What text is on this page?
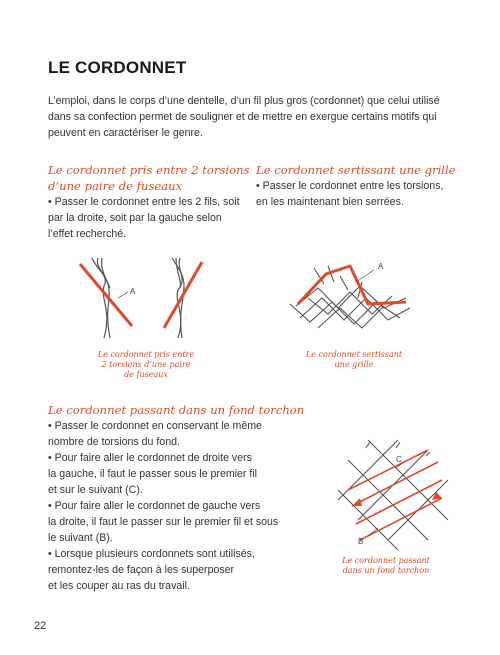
LE CORDONNET

L’emploi, dans le corps d’une dentelle, d’un fil plus gros (cordonnet) que celui utilisé dans sa confection permet de souligner et de mettre en exergue certains motifs qui peuvent en caractériser le genre.

Le cordonnet pris entre 2 torsions
d’une paire de fuseaux
• Passer le cordonnet entre les 2 fils, soit
par la droite, soit par la gauche selon
l’effet recherché.
Le cordonnet sertissant une grille
• Passer le cordonnet entre les torsions,
en les maintenant bien serrées.
A
Le cordonnet pris entre
2 torsions d’une paire
de fuseaux
A
Le cordonnet sertissant
une grille
Le cordonnet passant dans un fond torchon
• Passer le cordonnet en conservant le même
nombre de torsions du fond.
• Pour faire aller le cordonnet de droite vers
la gauche, il faut le passer sous le premier fil
et sur le suivant (C).
• Pour faire aller le cordonnet de gauche vers
la droite, il faut le passer sur le premier fil et sous
le suivant (B).
• Lorsque plusieurs cordonnets sont utilisés,
remontez-les de façon à les superposer
et les couper au ras du travail.
C
B
Le cordonnet passant
dans un fond torchon
22
